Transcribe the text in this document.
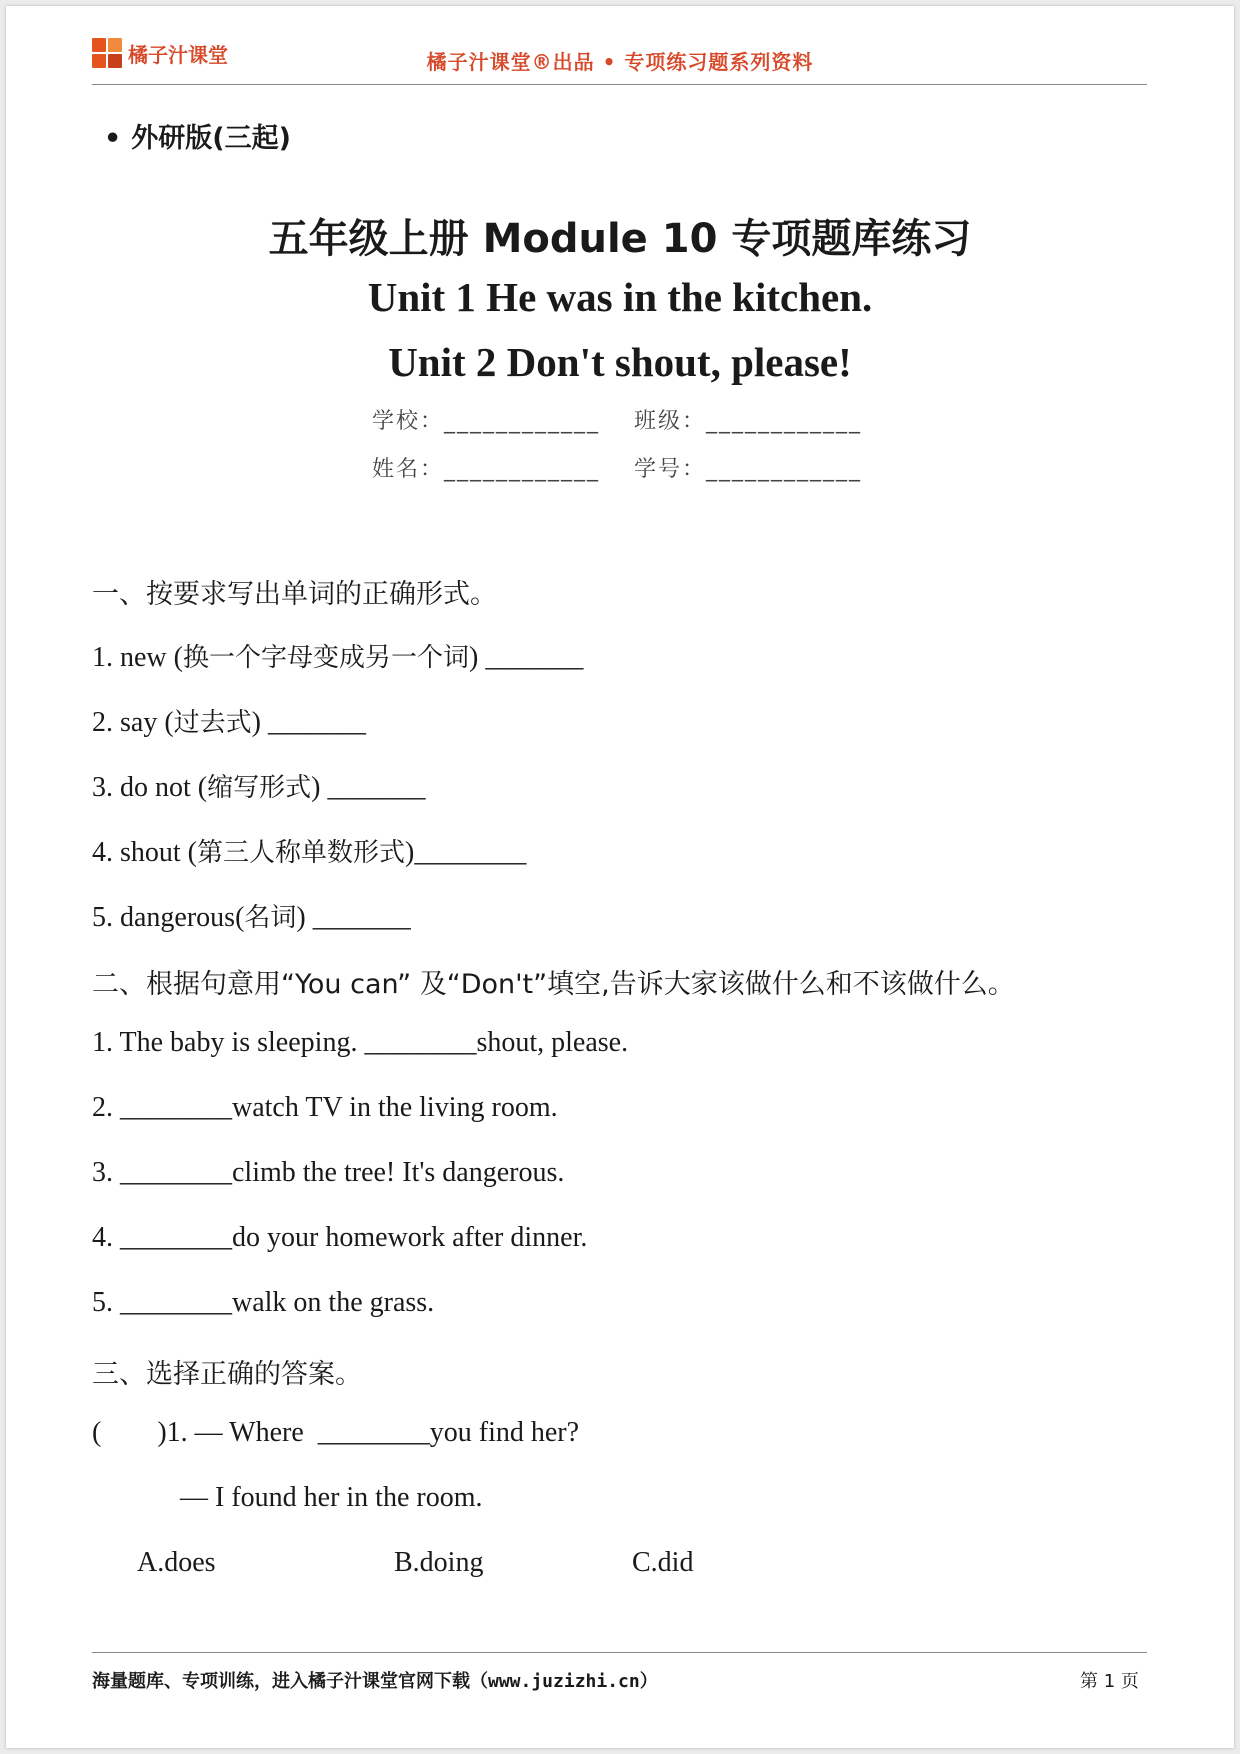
橘子汁课堂	橘子汁课堂®出品 • 专项练习题系列资料
• 外研版(三起)
五年级上册 Module 10 专项题库练习
Unit 1 He was in the kitchen.
Unit 2 Don't shout, please!
学校：____________ 班级：____________
姓名：____________ 学号：____________
一、按要求写出单词的正确形式。
1. new (换一个字母变成另一个词) _______
2. say (过去式) _______
3. do not (缩写形式) _______
4. shout (第三人称单数形式)________
5. dangerous(名词) _______
二、根据句意用“You can” 及“Don't”填空,告诉大家该做什么和不该做什么。
1. The baby is sleeping. ________shout, please.
2. ________watch TV in the living room.
3. ________climb the tree! It's dangerous.
4. ________do your homework after dinner.
5. ________walk on the grass.
三、选择正确的答案。
(        )1. — Where  ________you find her?
— I found her in the room.
A.does	B.doing	C.did
海量题库、专项训练，进入橘子汁课堂官网下载（www.juzizhi.cn）	第 1 页
